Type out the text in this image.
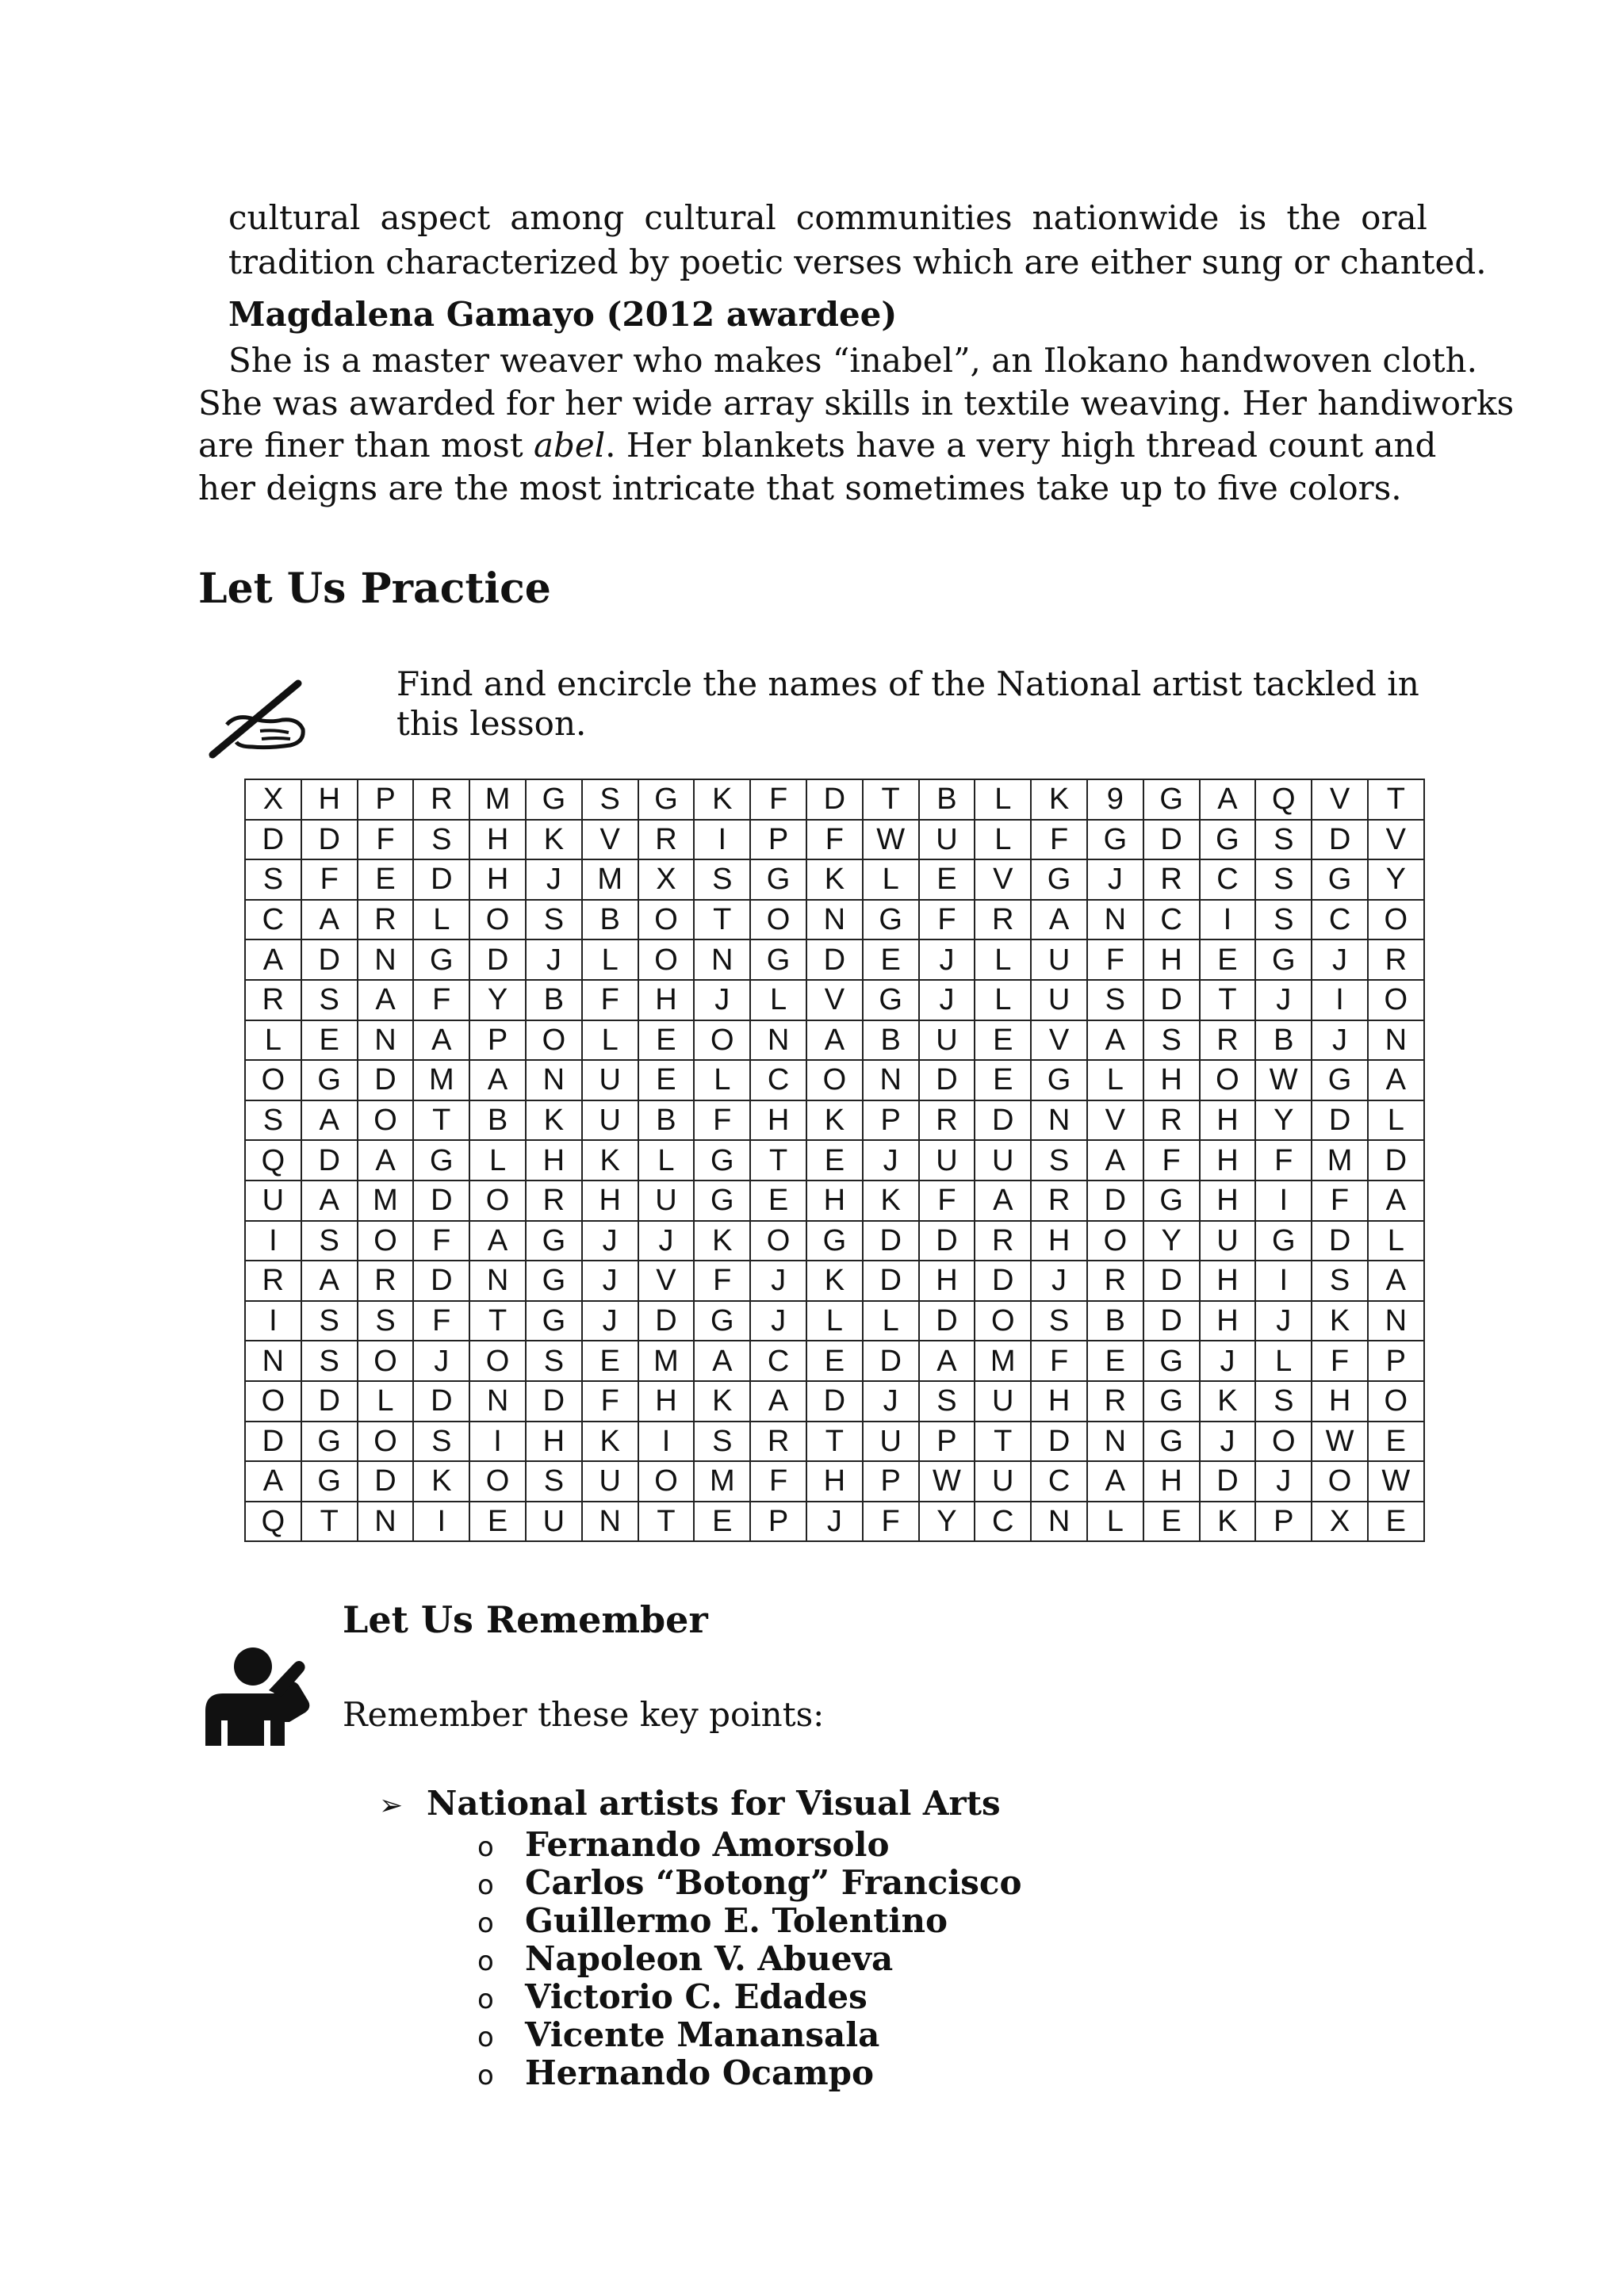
cultural aspect among cultural communities nationwide is the oral
tradition characterized by poetic verses which are either sung or chanted.
Magdalena Gamayo (2012 awardee)
She is a master weaver who makes “inabel”, an Ilokano handwoven cloth.
She was awarded for her wide array skills in textile weaving. Her handiworks
are finer than most abel. Her blankets have a very high thread count and
her deigns are the most intricate that sometimes take up to five colors.
Let Us Practice
Find and encircle the names of the National artist tackled in
this lesson.
X	H	P	R	M	G	S	G	K	F	D	T	B	L	K	9	G	A	Q	V	T
D	D	F	S	H	K	V	R	I	P	F	W	U	L	F	G	D	G	S	D	V
S	F	E	D	H	J	M	X	S	G	K	L	E	V	G	J	R	C	S	G	Y
C	A	R	L	O	S	B	O	T	O	N	G	F	R	A	N	C	I	S	C	O
A	D	N	G	D	J	L	O	N	G	D	E	J	L	U	F	H	E	G	J	R
R	S	A	F	Y	B	F	H	J	L	V	G	J	L	U	S	D	T	J	I	O
L	E	N	A	P	O	L	E	O	N	A	B	U	E	V	A	S	R	B	J	N
O	G	D	M	A	N	U	E	L	C	O	N	D	E	G	L	H	O	W	G	A
S	A	O	T	B	K	U	B	F	H	K	P	R	D	N	V	R	H	Y	D	L
Q	D	A	G	L	H	K	L	G	T	E	J	U	U	S	A	F	H	F	M	D
U	A	M	D	O	R	H	U	G	E	H	K	F	A	R	D	G	H	I	F	A
I	S	O	F	A	G	J	J	K	O	G	D	D	R	H	O	Y	U	G	D	L
R	A	R	D	N	G	J	V	F	J	K	D	H	D	J	R	D	H	I	S	A
I	S	S	F	T	G	J	D	G	J	L	L	D	O	S	B	D	H	J	K	N
N	S	O	J	O	S	E	M	A	C	E	D	A	M	F	E	G	J	L	F	P
O	D	L	D	N	D	F	H	K	A	D	J	S	U	H	R	G	K	S	H	O
D	G	O	S	I	H	K	I	S	R	T	U	P	T	D	N	G	J	O	W	E
A	G	D	K	O	S	U	O	M	F	H	P	W	U	C	A	H	D	J	O	W
Q	T	N	I	E	U	N	T	E	P	J	F	Y	C	N	L	E	K	P	X	E
Let Us Remember
Remember these key points:
➢ National artists for Visual Arts
o Fernando Amorsolo
o Carlos “Botong” Francisco
o Guillermo E. Tolentino
o Napoleon V. Abueva
o Victorio C. Edades
o Vicente Manansala
o Hernando Ocampo
